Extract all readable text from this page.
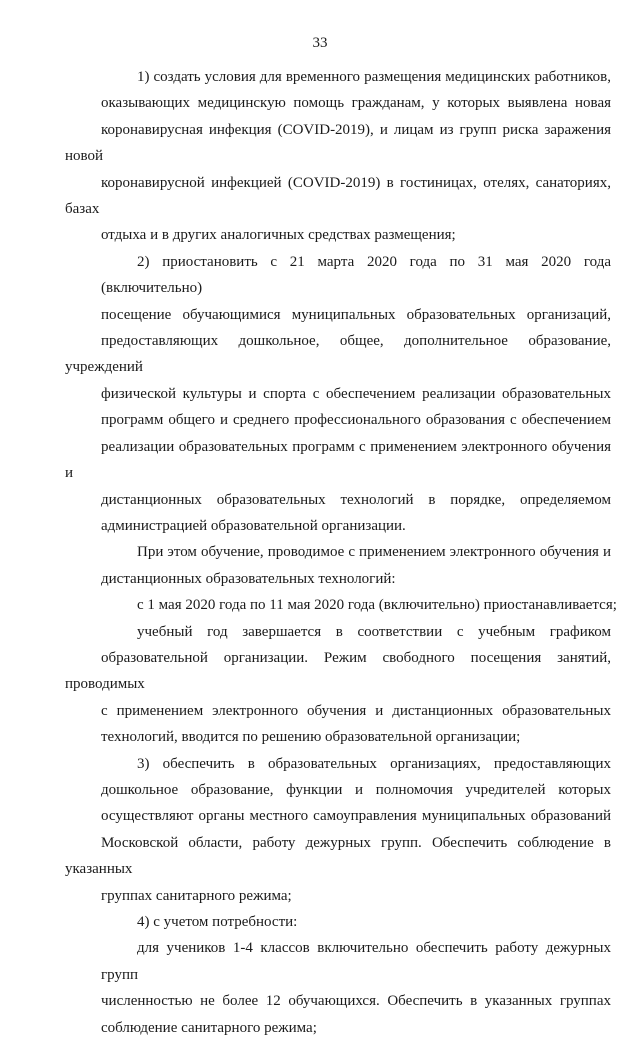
33

1) создать условия для временного размещения медицинских работников,
оказывающих медицинскую помощь гражданам, у которых выявлена новая
коронавирусная инфекция (COVID-2019), и лицам из групп риска заражения новой
коронавирусной инфекцией (COVID-2019) в гостиницах, отелях, санаториях, базах
отдыха и в других аналогичных средствах размещения;

2) приостановить с 21 марта 2020 года по 31 мая 2020 года (включительно)
посещение обучающимися муниципальных образовательных организаций,
предоставляющих дошкольное, общее, дополнительное образование, учреждений
физической культуры и спорта с обеспечением реализации образовательных
программ общего и среднего профессионального образования с обеспечением
реализации образовательных программ с применением электронного обучения и
дистанционных образовательных технологий в порядке, определяемом
администрацией образовательной организации.

При этом обучение, проводимое с применением электронного обучения и
дистанционных образовательных технологий:

с 1 мая 2020 года по 11 мая 2020 года (включительно) приостанавливается;

учебный год завершается в соответствии с учебным графиком
образовательной организации. Режим свободного посещения занятий, проводимых
с применением электронного обучения и дистанционных образовательных
технологий, вводится по решению образовательной организации;

3) обеспечить в образовательных организациях, предоставляющих
дошкольное образование, функции и полномочия учредителей которых
осуществляют органы местного самоуправления муниципальных образований
Московской области, работу дежурных групп. Обеспечить соблюдение в указанных
группах санитарного режима;

4) с учетом потребности:

для учеников 1-4 классов включительно обеспечить работу дежурных групп
численностью не более 12 обучающихся. Обеспечить в указанных группах
соблюдение санитарного режима;
